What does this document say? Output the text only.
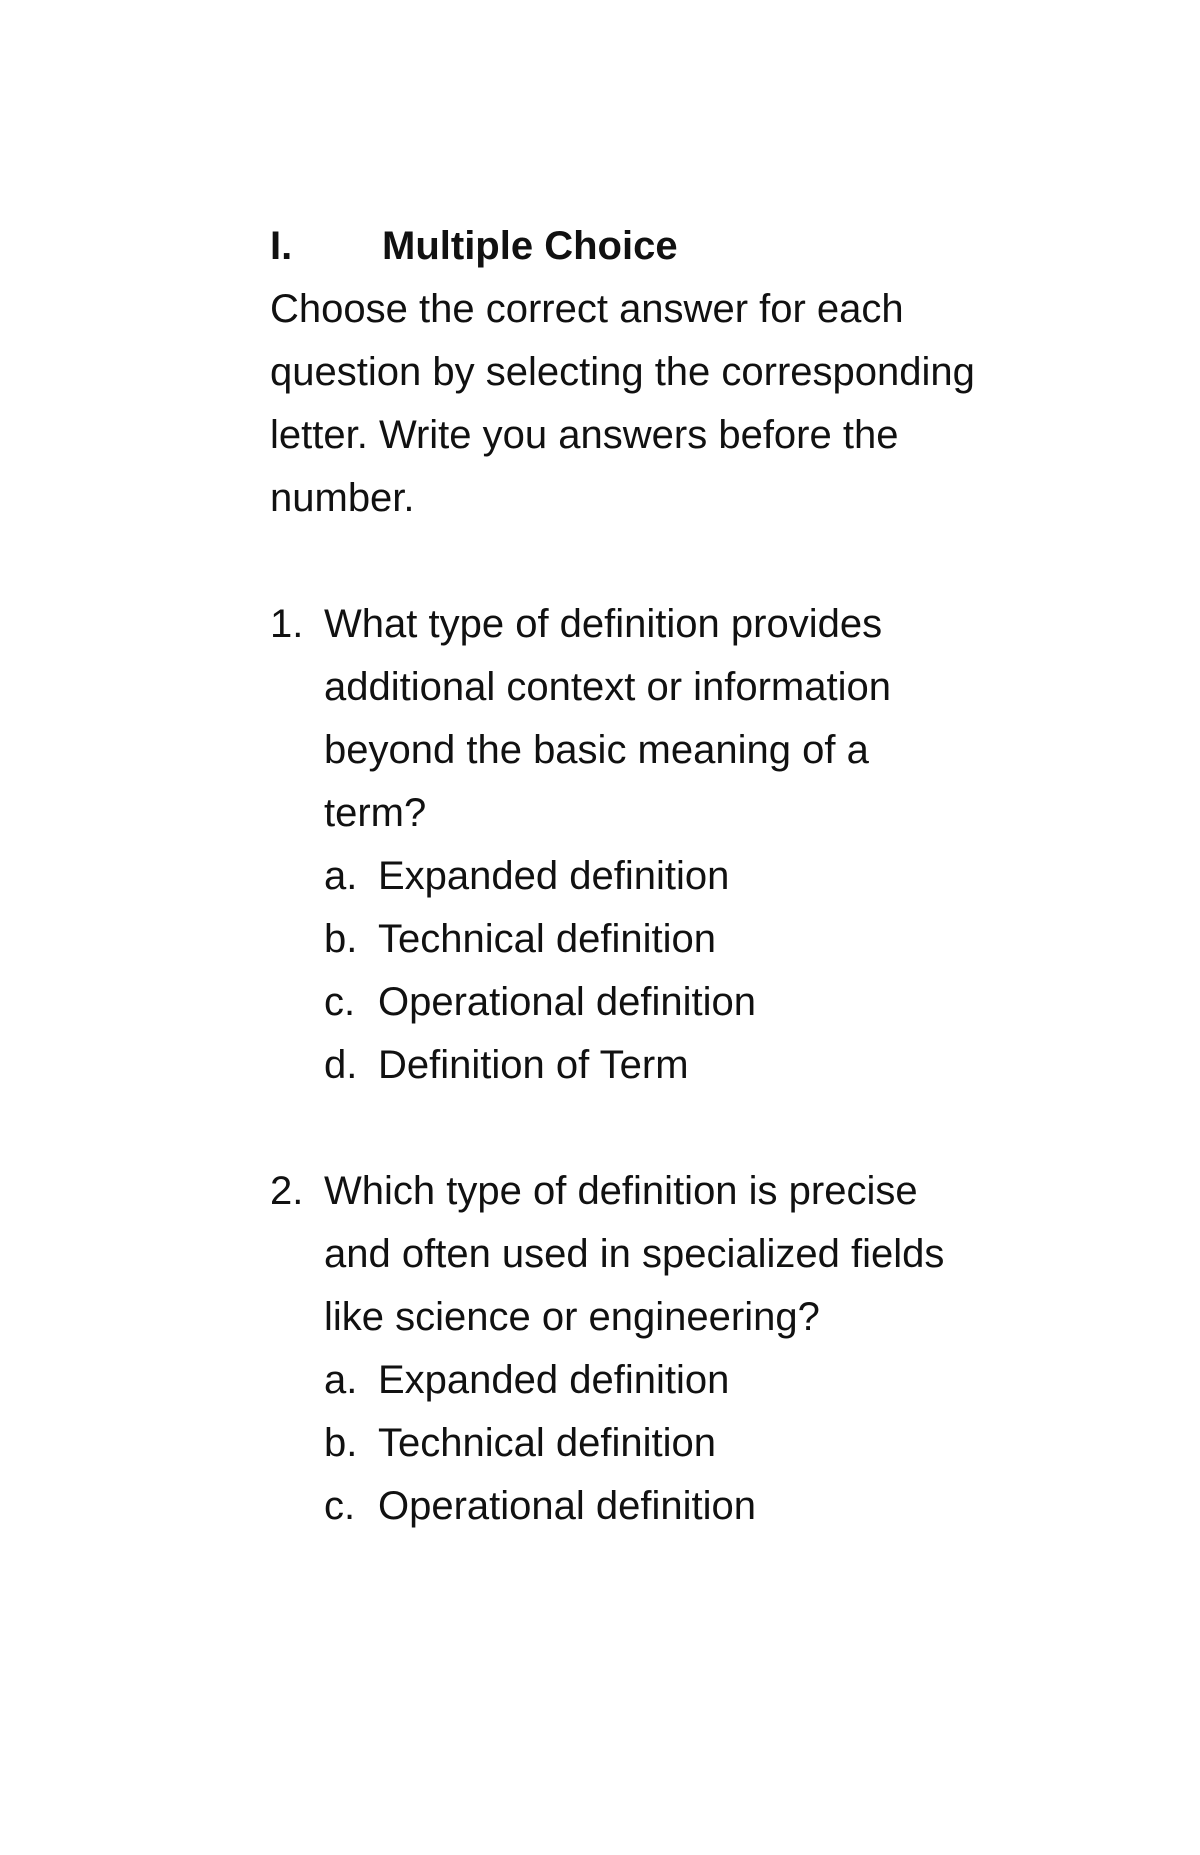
I.	Multiple Choice
Choose the correct answer for each question by selecting the corresponding letter. Write you answers before the number.
1. What type of definition provides additional context or information beyond the basic meaning of a term?
a. Expanded definition
b. Technical definition
c. Operational definition
d. Definition of Term
2. Which type of definition is precise and often used in specialized fields like science or engineering?
a. Expanded definition
b. Technical definition
c. Operational definition
